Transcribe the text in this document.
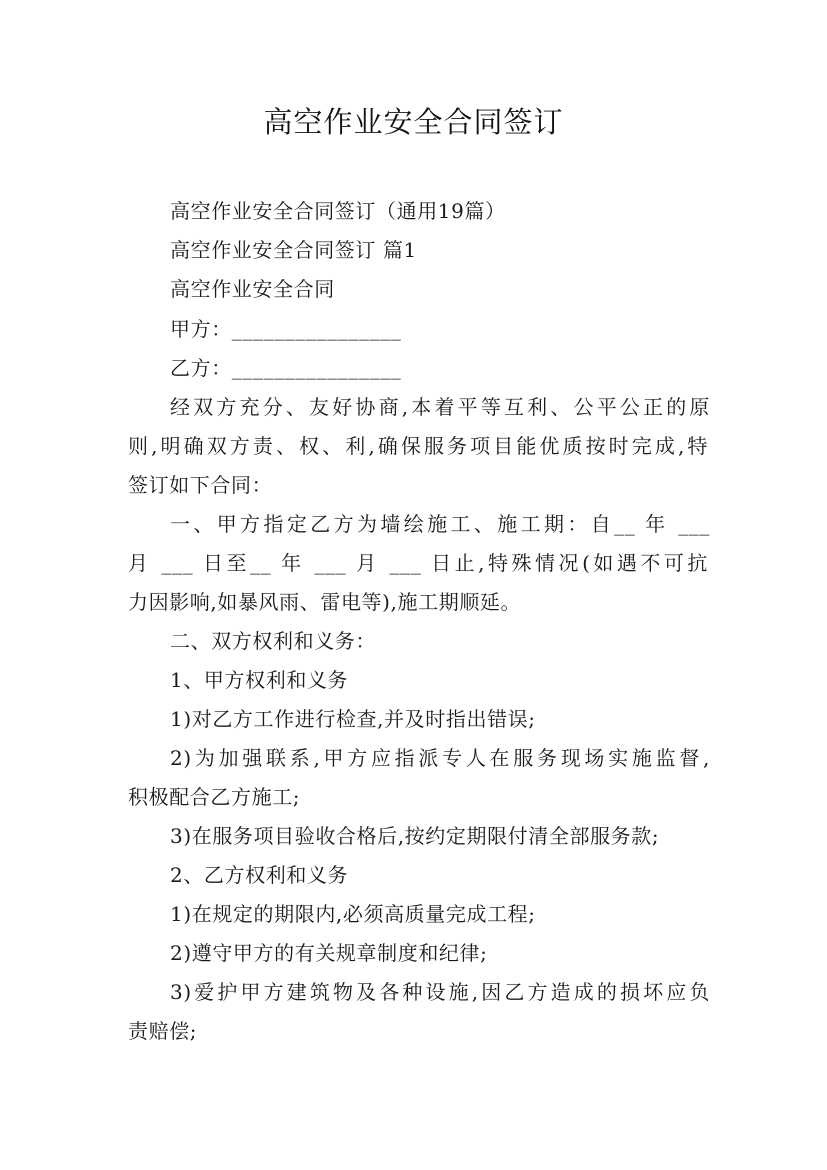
高空作业安全合同签订
高空作业安全合同签订（通用19篇）
高空作业安全合同签订 篇1
高空作业安全合同
甲方：________________
乙方：________________
经双方充分、友好协商,本着平等互利、公平公正的原
则,明确双方责、权、利,确保服务项目能优质按时完成,特
签订如下合同：
一、甲方指定乙方为墙绘施工、施工期：自__ 年 ___
月 ___ 日至__ 年 ___ 月 ___ 日止,特殊情况(如遇不可抗
力因影响,如暴风雨、雷电等),施工期顺延。
二、双方权利和义务：
1、甲方权利和义务
1)对乙方工作进行检查,并及时指出错误;
2)为加强联系,甲方应指派专人在服务现场实施监督,
积极配合乙方施工;
3)在服务项目验收合格后,按约定期限付清全部服务款;
2、乙方权利和义务
1)在规定的期限内,必须高质量完成工程;
2)遵守甲方的有关规章制度和纪律;
3)爱护甲方建筑物及各种设施,因乙方造成的损坏应负
责赔偿;
